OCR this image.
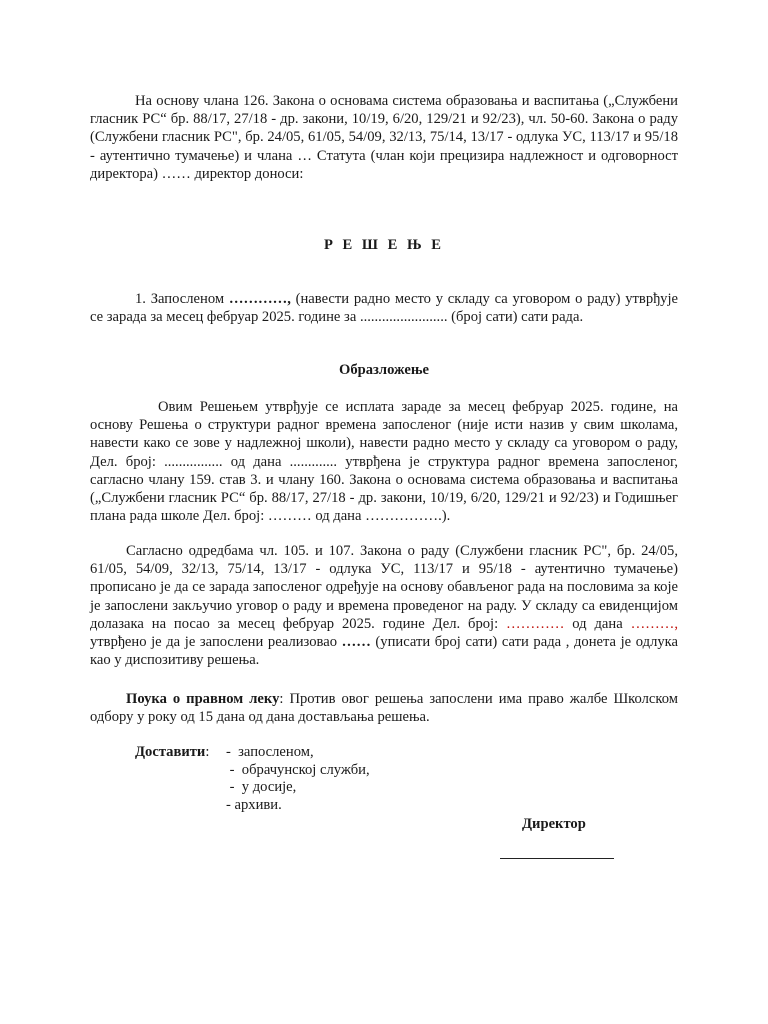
На основу члана 126. Закона о основама система образовања и васпитања („Службени гласник РС“ бр. 88/17, 27/18 - др. закони, 10/19, 6/20, 129/21 и 92/23), чл. 50-60. Закона о раду (Службени гласник РС", бр. 24/05, 61/05, 54/09, 32/13, 75/14, 13/17 - одлука УС, 113/17 и 95/18 - аутентично тумачење) и члана … Статута (члан који прецизира надлежност и одговорност директора) …… директор доноси:

Р Е Ш Е Њ Е

1. Запосленом …………, (навести радно место у складу са уговором о раду) утврђује се зарада за месец фебруар 2025. године за ........................ (број сати) сати рада.

Образложење

Овим Решењем утврђује се исплата зараде за месец фебруар 2025. године, на основу Решења о структури радног времена запосленог (није исти назив у свим школама, навести како се зове у надлежној школи), навести радно место у складу са уговором о раду, Дел. број: ................ од дана ............. утврђена је структура радног времена запосленог, сагласно члану 159. став 3. и члану 160. Закона о основама система образовања и васпитања („Службени гласник РС“ бр. 88/17, 27/18 - др. закони, 10/19, 6/20, 129/21 и 92/23) и Годишњег плана рада школе Дел. број: ……… од дана …………….).

Сагласно одредбама чл. 105. и 107. Закона о раду (Службени гласник РС", бр. 24/05, 61/05, 54/09, 32/13, 75/14, 13/17 - одлука УС, 113/17 и 95/18 - аутентично тумачење) прописано је да се зарада запосленог одређује на основу обављеног рада на пословима за које је запослени закључио уговор о раду и времена проведеног на раду. У складу са евиденцијом долазака на посао за месец фебруар 2025. године Дел. број: ………… од дана ………, утврђено је да је запослени реализовао …… (уписати број сати) сати рада , донета је одлука као у диспозитиву решења.

Поука о правном леку: Против овог решења запослени има право жалбе Школском одбору у року од 15 дана од дана достављања решења.

Доставити:	-  запосленом,
-  обрачунској служби,
-  у досије,
- архиви.
Директор
